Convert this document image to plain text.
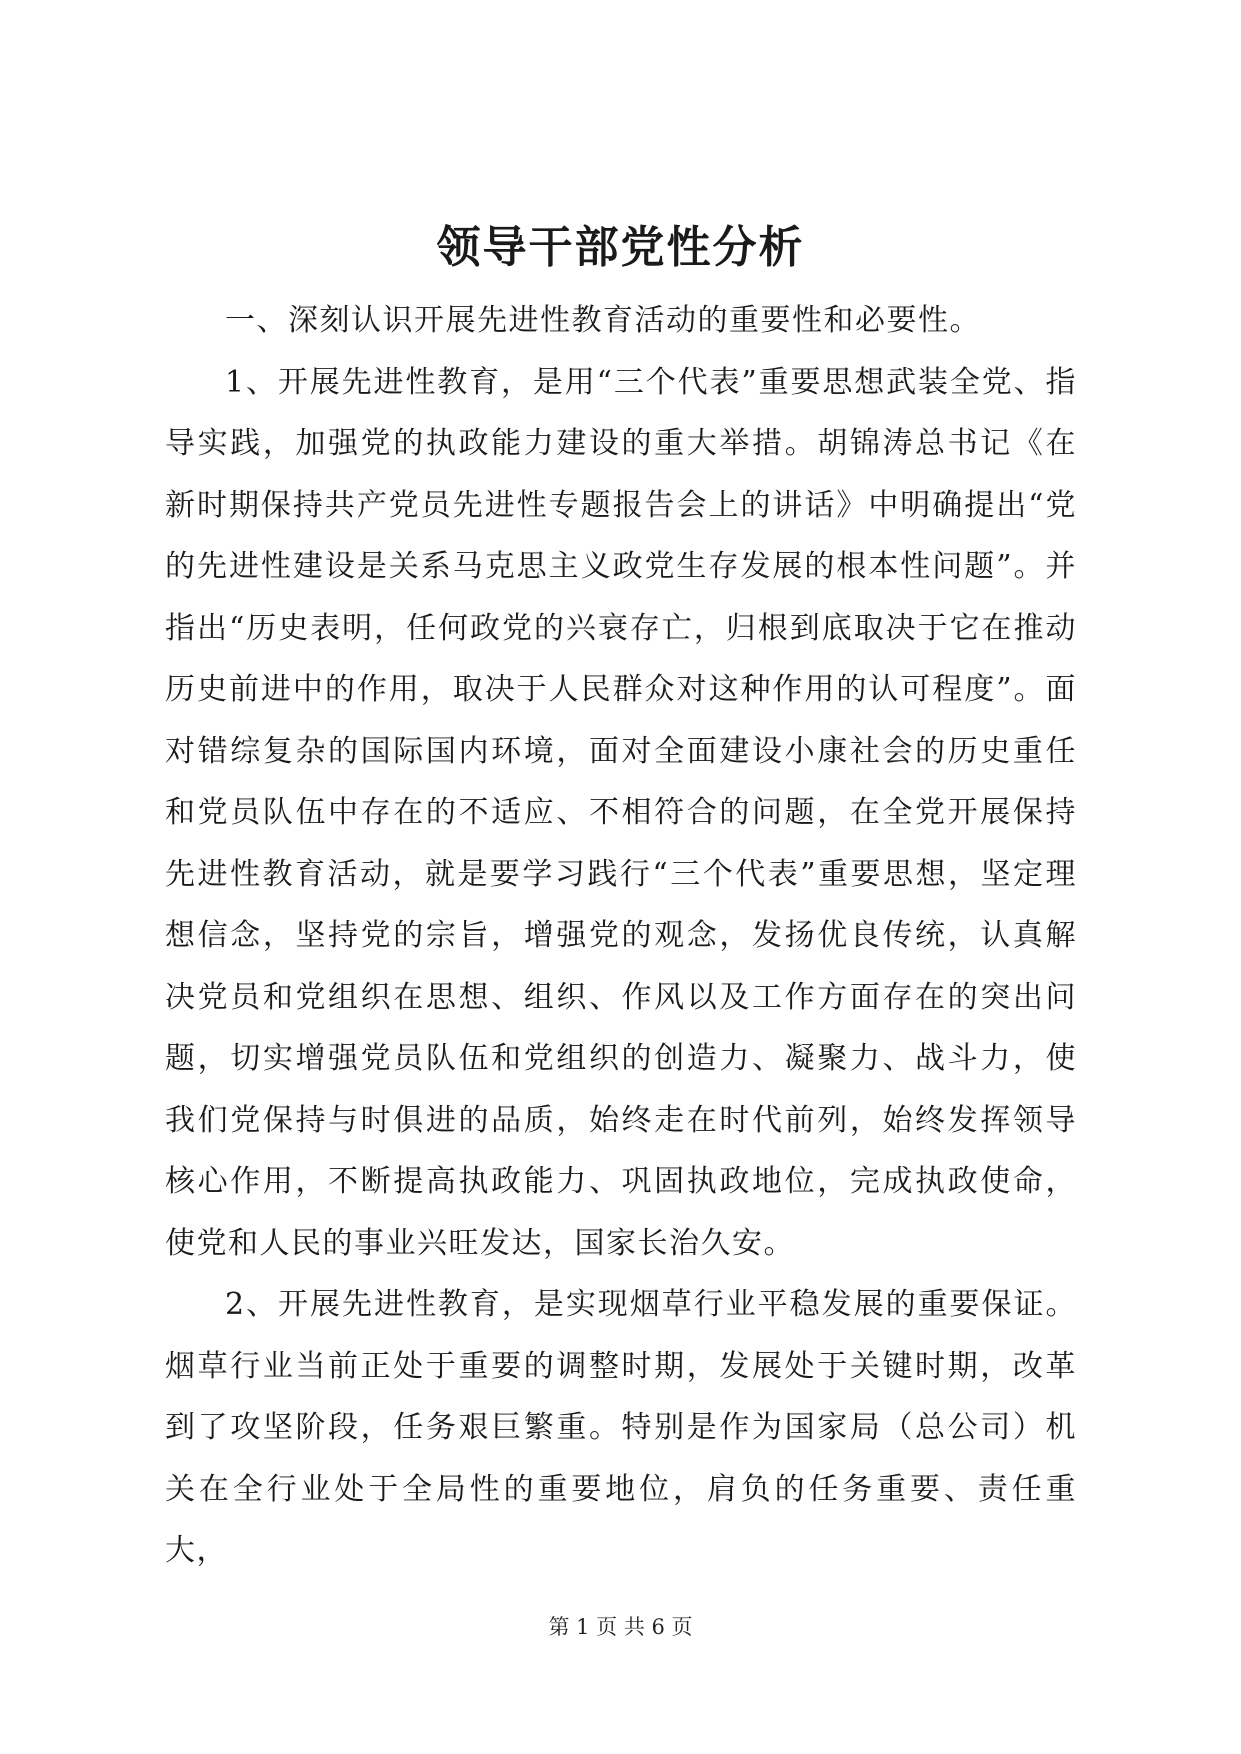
领导干部党性分析

一、深刻认识开展先进性教育活动的重要性和必要性。

1、开展先进性教育，是用“三个代表”重要思想武装全党、指导实践，加强党的执政能力建设的重大举措。胡锦涛总书记《在新时期保持共产党员先进性专题报告会上的讲话》中明确提出“党的先进性建设是关系马克思主义政党生存发展的根本性问题”。并指出“历史表明，任何政党的兴衰存亡，归根到底取决于它在推动历史前进中的作用，取决于人民群众对这种作用的认可程度”。面对错综复杂的国际国内环境，面对全面建设小康社会的历史重任和党员队伍中存在的不适应、不相符合的问题，在全党开展保持先进性教育活动，就是要学习践行“三个代表”重要思想，坚定理想信念，坚持党的宗旨，增强党的观念，发扬优良传统，认真解决党员和党组织在思想、组织、作风以及工作方面存在的突出问题，切实增强党员队伍和党组织的创造力、凝聚力、战斗力，使我们党保持与时俱进的品质，始终走在时代前列，始终发挥领导核心作用，不断提高执政能力、巩固执政地位，完成执政使命，使党和人民的事业兴旺发达，国家长治久安。

2、开展先进性教育，是实现烟草行业平稳发展的重要保证。烟草行业当前正处于重要的调整时期，发展处于关键时期，改革到了攻坚阶段，任务艰巨繁重。特别是作为国家局（总公司）机关在全行业处于全局性的重要地位，肩负的任务重要、责任重大，

第 1 页 共 6 页
